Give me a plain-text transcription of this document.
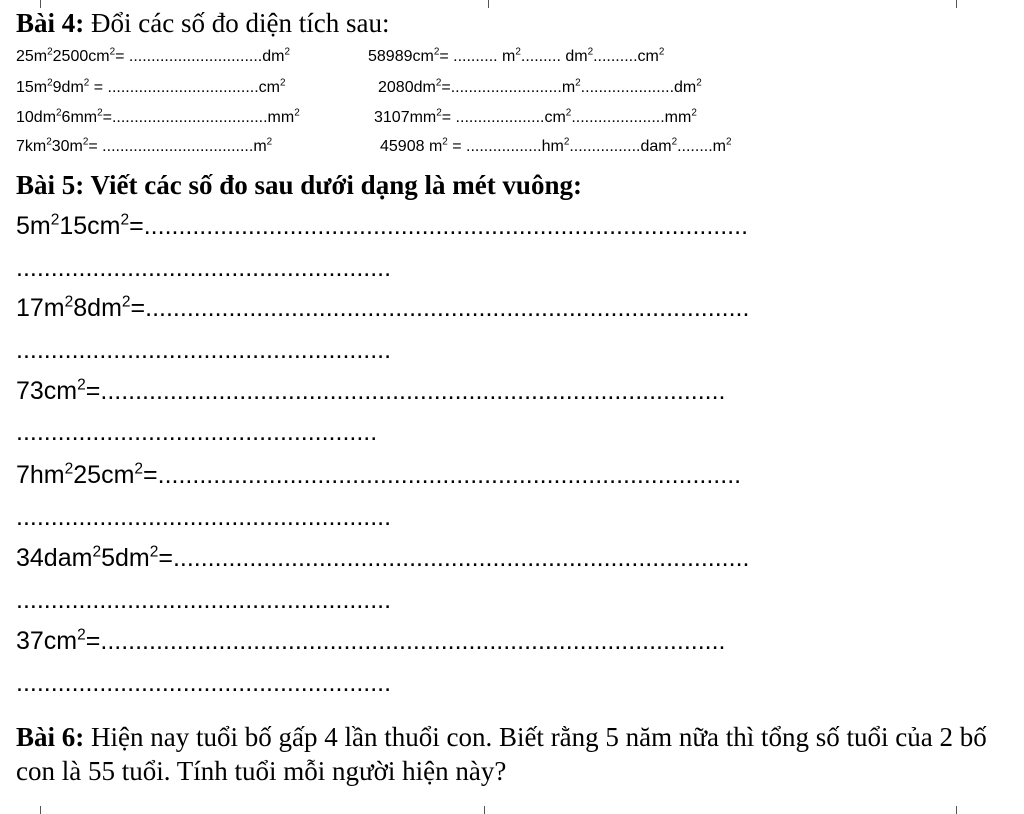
Bài 4: Đổi các số đo diện tích sau:
$25m^22500cm^2= ..............................dm^2$	$58989cm^2=$ .......... $m^2$......... $dm^2..........cm^2$
$15m^29dm^2 = ..................................cm^2$	$2080dm^2=.........................m^2.....................dm^2$
$10dm^26mm^2=...................................mm^2$	$3107mm^2= ....................cm^2.....................mm^2$
$7km^230m^2= ..................................m^2$	45908 $m^2 = .................hm^2................dam^2........m^2$
Bài 5: Viết các số đo sau dưới dạng là mét vuông:
$5m^215cm^2=$.......................................................................................
......................................................
$17m^28dm^2=$.......................................................................................
......................................................
$73cm^2=$..........................................................................................
....................................................
$7hm^225cm^2=$....................................................................................
......................................................
$34dam^25dm^2=$...................................................................................
......................................................
$37cm^2=$..........................................................................................
......................................................
Bài 6: Hiện nay tuổi bố gấp 4 lần thuổi con. Biết rằng 5 năm nữa thì tổng số tuổi của 2 bố con là 55 tuổi. Tính tuổi mỗi người hiện này?
